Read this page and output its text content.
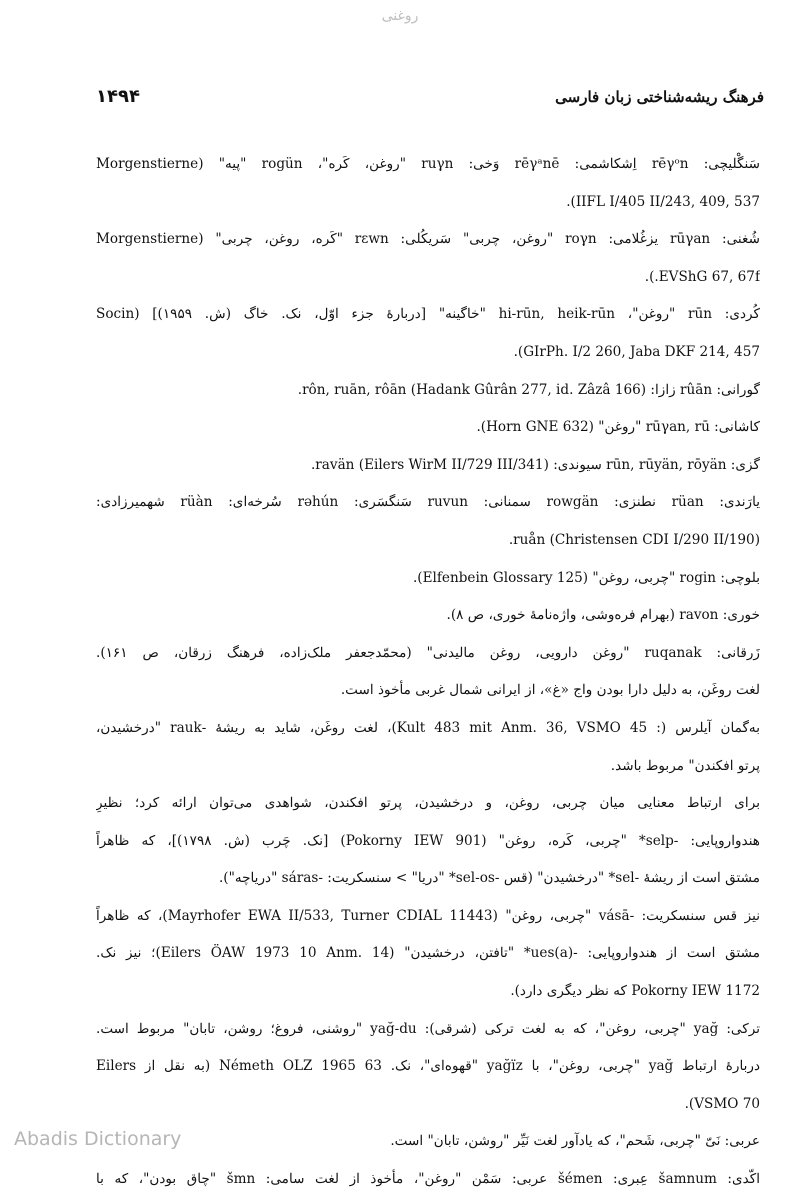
روغنی
۱۴۹۴	فرهنگ ریشه‌شناختی زبان فارسی
سَنگْلیچی: rēγᵒn اِشکاشمی: rēγᵃnē وَخی: ruγn "روغن، کَره"، rogün "پیه" (Morgenstierne
IIFL I/405 II/243, 409, 537).
شُغنی: rūγan یزغُلامی: roγn "روغن، چربی" سَریکُلی: rɛwn "کَره، روغن، چربی" (Morgenstierne
EVShG 67, 67f.).
کُردی: rūn "روغن"، hi-rūn, heik-rūn "خاگینه" [دربارهٔ جزء اوّل، نک. خاگ (ش. ۱۹۵۹)] (Socin
GIrPh. I/2 260, Jaba DKF 214, 457).
گورانی: rûān زازا: rôn, ruān, rôān (Hadank Gûrân 277, id. Zâzâ 166).
کاشانی: rūγan, rū "روغن" (Horn GNE 632).
گزی: rūn, rūyän, rōyän سیوندی: ravän (Eilers WirM II/729 III/341).
یارَندی: rüan نطنزی: rowgän سمنانی: ruvun سَنگسَری: rəhún سُرخه‌ای: rüàn شهمیرزادی:
ruån (Christensen CDI I/290 II/190).
بلوچی: rogin "چربی، روغن" (Elfenbein Glossary 125).
خوری: ravon (بهرام فره‌وشی، واژه‌نامهٔ خوری، ص ۸).
زَرقانی: ruqanak "روغن دارویی، روغن مالیدنی" (محمّدجعفر ملک‌زاده، فرهنگ زرقان، ص ۱۶۱).
لغت روغَن، به دلیل دارا بودن واج «غ»، از ایرانی شمال غربی مأخوذ است.
به‌گمان آیلرس (: Kult 483 mit Anm. 36, VSMO 45)، لغت روغَن، شاید به ریشهٔ -rauk "درخشیدن،
پرتو افکندن" مربوط باشد.
برای ارتباط معنایی میان چربی، روغن، و درخشیدن، پرتو افکندن، شواهدی می‌توان ارائه کرد؛ نظیرِ
هندواروپایی: -selp* "چربی، کَره، روغن" (Pokorny IEW 901) [نک. چَرب (ش. ۱۷۹۸)]، که ظاهراً
مشتق است از ریشهٔ -sel* "درخشیدن" (قس -sel-os* "دریا" > سنسکریت: -sáras "دریاچه").
نیز قس سنسکریت: -vásā "چربی، روغن" (Mayrhofer EWA II/533, Turner CDIAL 11443)، که ظاهراً
مشتق است از هندواروپایی: -ues(a)* "تافتن، درخشیدن" (Eilers ÖAW 1973 10 Anm. 14)؛ نیز نک.
Pokorny IEW 1172 که نظر دیگری دارد).
ترکی: yağ "چربی، روغن"، که به لغت ترکی (شرقی): yağ-du "روشنی، فروغ؛ روشن، تابان" مربوط است.
دربارهٔ ارتباط yağ "چربی، روغن"، با yağïz "قهوه‌ای"، نک. Németh OLZ 1965 63 (به نقل از Eilers
VSMO 70).
عربی: نَیّ "چربی، شَحم"، که یادآور لغت نَیِّر "روشن، تابان" است.
اکّدی: šamnum عِبری: šémen عربی: سَمْن "روغن"، مأخوذ از لغت سامی: šmn "چاق بودن"، که با
Abadis Dictionary
